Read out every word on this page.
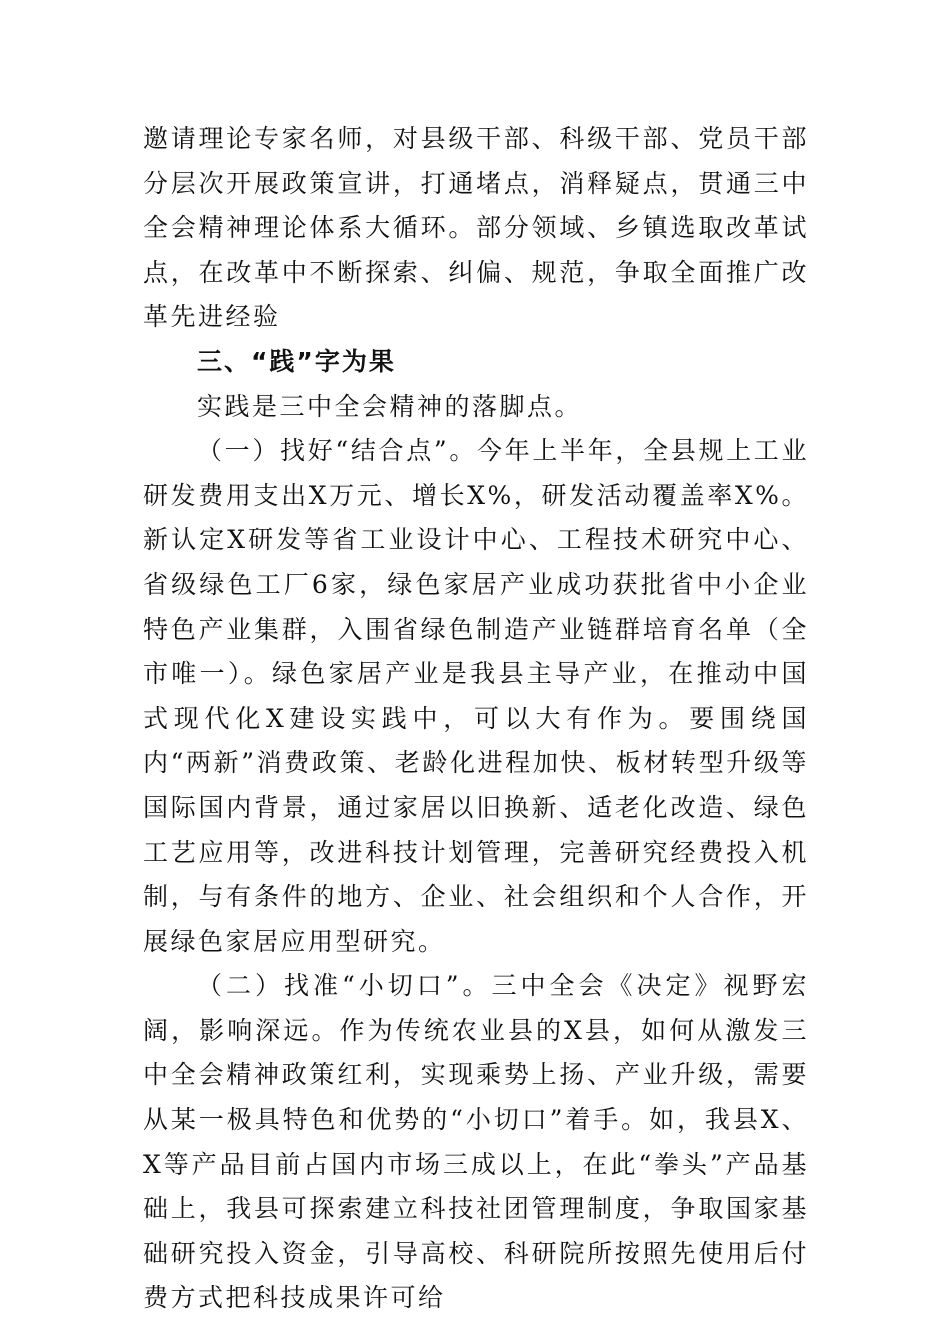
邀请理论专家名师，对县级干部、科级干部、党员干部分层次开展政策宣讲，打通堵点，消释疑点，贯通三中全会精神理论体系大循环。部分领域、乡镇选取改革试点，在改革中不断探索、纠偏、规范，争取全面推广改革先进经验

三、“践”字为果

实践是三中全会精神的落脚点。

（一）找好“结合点”。今年上半年，全县规上工业研发费用支出X万元、增长X%，研发活动覆盖率X%。新认定X研发等省工业设计中心、工程技术研究中心、省级绿色工厂6家，绿色家居产业成功获批省中小企业特色产业集群，入围省绿色制造产业链群培育名单（全市唯一）。绿色家居产业是我县主导产业，在推动中国式现代化X建设实践中，可以大有作为。要围绕国内“两新”消费政策、老龄化进程加快、板材转型升级等国际国内背景，通过家居以旧换新、适老化改造、绿色工艺应用等，改进科技计划管理，完善研究经费投入机制，与有条件的地方、企业、社会组织和个人合作，开展绿色家居应用型研究。

（二）找准“小切口”。三中全会《决定》视野宏阔，影响深远。作为传统农业县的X县，如何从激发三中全会精神政策红利，实现乘势上扬、产业升级，需要从某一极具特色和优势的“小切口”着手。如，我县X、X等产品目前占国内市场三成以上，在此“拳头”产品基础上，我县可探索建立科技社团管理制度，争取国家基础研究投入资金，引导高校、科研院所按照先使用后付费方式把科技成果许可给
